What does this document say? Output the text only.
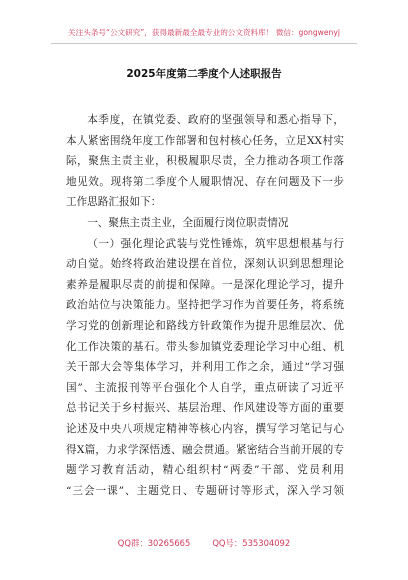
关注头条号“公文研究”，获得最新最全最专业的公文资料库！ 微信：gongwenyj
2025年度第二季度个人述职报告
本季度，在镇党委、政府的坚强领导和悉心指导下，
本人紧密围绕年度工作部署和包村核心任务，立足XX村实
际，聚焦主责主业，积极履职尽责，全力推动各项工作落
地见效。现将第二季度个人履职情况、存在问题及下一步
工作思路汇报如下：
一、聚焦主责主业，全面履行岗位职责情况
（一）强化理论武装与党性锤炼，筑牢思想根基与行
动自觉。始终将政治建设摆在首位，深刻认识到思想理论
素养是履职尽责的前提和保障。一是深化理论学习，提升
政治站位与决策能力。坚持把学习作为首要任务，将系统
学习党的创新理论和路线方针政策作为提升思维层次、优
化工作决策的基石。带头参加镇党委理论学习中心组、机
关干部大会等集体学习，并利用工作之余，通过“学习强
国”、主流报刊等平台强化个人自学，重点研读了习近平
总书记关于乡村振兴、基层治理、作风建设等方面的重要
论述及中央八项规定精神等核心内容，撰写学习笔记与心
得X篇，力求学深悟透、融会贯通。紧密结合当前开展的专
题学习教育活动，精心组织村“两委”干部、党员利用
“三会一课”、主题党日、专题研讨等形式，深入学习领
QQ群：30265665	QQ号：535304092
